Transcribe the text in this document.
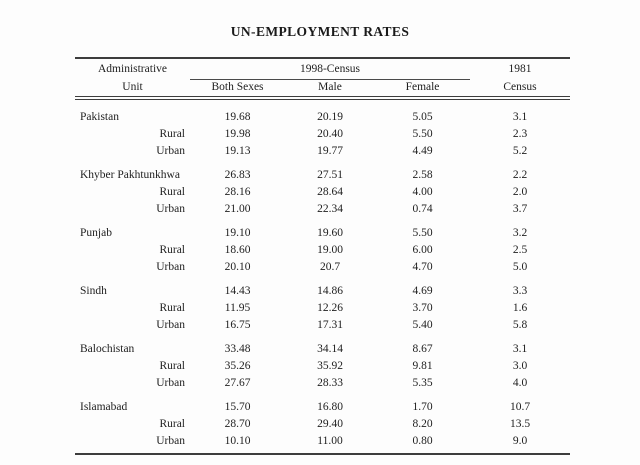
UN-EMPLOYMENT RATES
Administrative	1998-Census	1981
Unit	Both Sexes	Male	Female	Census
Pakistan	19.68	20.19	5.05	3.1
Rural	19.98	20.40	5.50	2.3
Urban	19.13	19.77	4.49	5.2
Khyber Pakhtunkhwa	26.83	27.51	2.58	2.2
Rural	28.16	28.64	4.00	2.0
Urban	21.00	22.34	0.74	3.7
Punjab	19.10	19.60	5.50	3.2
Rural	18.60	19.00	6.00	2.5
Urban	20.10	20.7	4.70	5.0
Sindh	14.43	14.86	4.69	3.3
Rural	11.95	12.26	3.70	1.6
Urban	16.75	17.31	5.40	5.8
Balochistan	33.48	34.14	8.67	3.1
Rural	35.26	35.92	9.81	3.0
Urban	27.67	28.33	5.35	4.0
Islamabad	15.70	16.80	1.70	10.7
Rural	28.70	29.40	8.20	13.5
Urban	10.10	11.00	0.80	9.0
